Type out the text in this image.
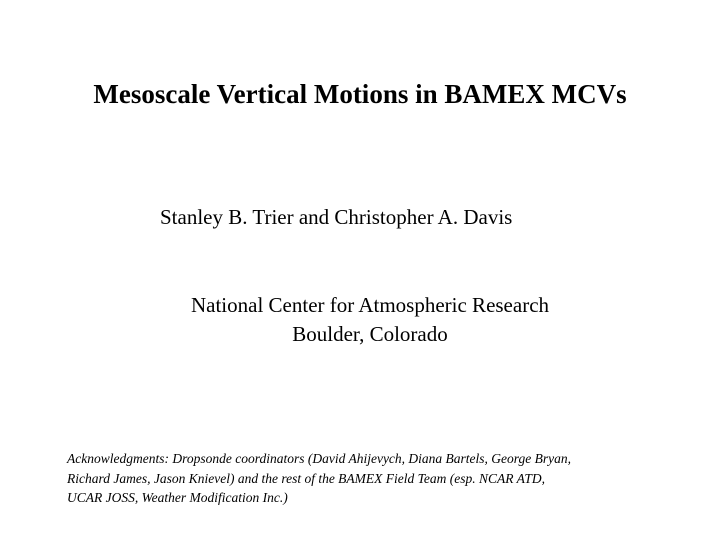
Mesoscale Vertical Motions in BAMEX MCVs
Stanley B. Trier and Christopher A. Davis
National Center for Atmospheric Research
Boulder, Colorado
Acknowledgments: Dropsonde coordinators (David Ahijevych, Diana Bartels, George Bryan,
Richard James, Jason Knievel) and the rest of the BAMEX Field Team (esp. NCAR ATD,
UCAR JOSS, Weather Modification Inc.)
